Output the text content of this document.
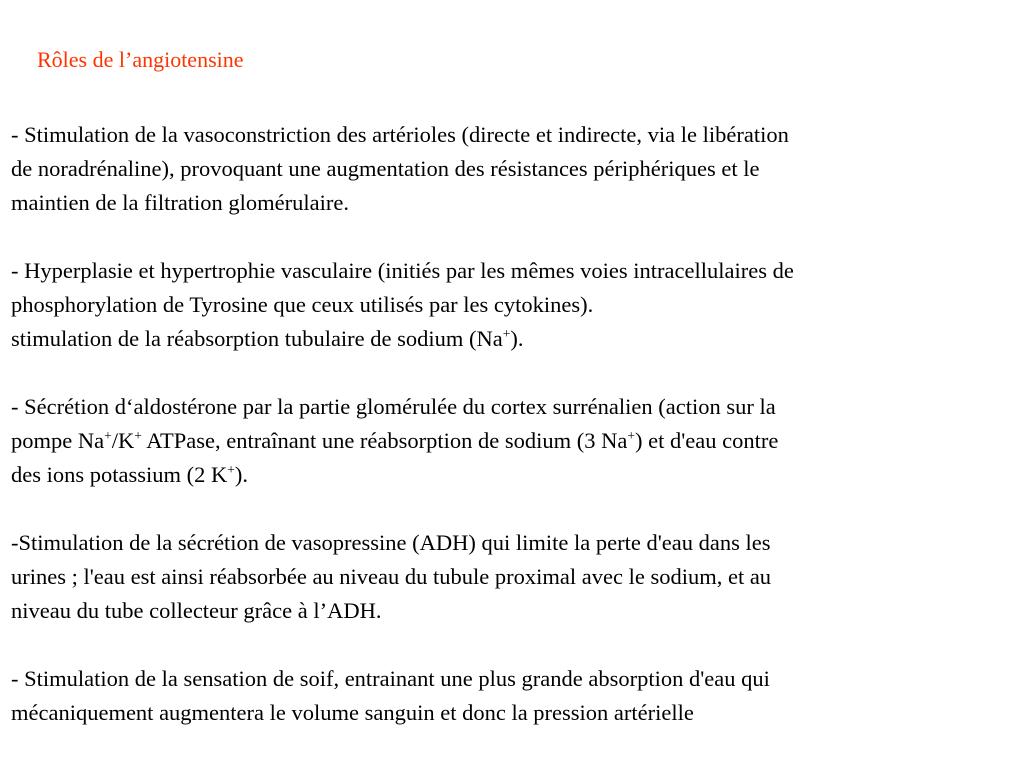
Rôles de l’angiotensine
- Stimulation de la vasoconstriction des artérioles (directe et indirecte, via le libération
de noradrénaline), provoquant une augmentation des résistances périphériques et le
maintien de la filtration glomérulaire.
- Hyperplasie et hypertrophie vasculaire (initiés par les mêmes voies intracellulaires de
phosphorylation de Tyrosine que ceux utilisés par les cytokines).
stimulation de la réabsorption tubulaire de sodium (Na+).
- Sécrétion d‘aldostérone par la partie glomérulée du cortex surrénalien (action sur la
pompe Na+/K+ ATPase, entraînant une réabsorption de sodium (3 Na+) et d'eau contre
des ions potassium (2 K+).
-Stimulation de la sécrétion de vasopressine (ADH) qui limite la perte d'eau dans les
urines ; l'eau est ainsi réabsorbée au niveau du tubule proximal avec le sodium, et au
niveau du tube collecteur grâce à l’ADH.
- Stimulation de la sensation de soif, entrainant une plus grande absorption d'eau qui
mécaniquement augmentera le volume sanguin et donc la pression artérielle
